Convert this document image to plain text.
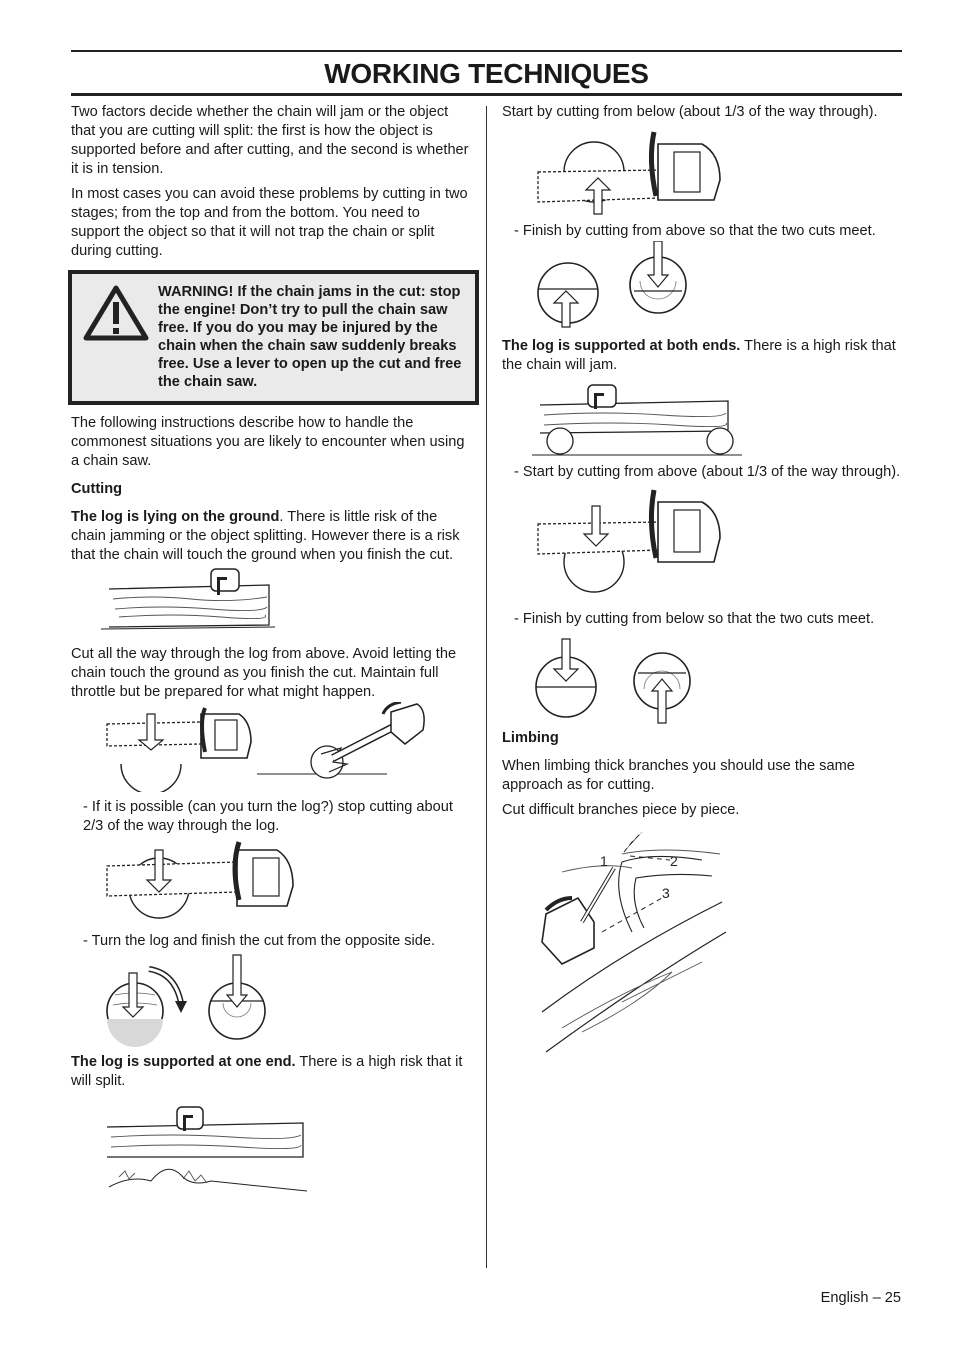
WORKING TECHNIQUES

Two factors decide whether the chain will jam or the object that you are cutting will split: the first is how the object is supported before and after cutting, and the second is whether it is in tension.

In most cases you can avoid these problems by cutting in two stages; from the top and from the bottom. You need to support the object so that it will not trap the chain or split during cutting.

WARNING! If the chain jams in the cut: stop the engine! Don’t try to pull the chain saw free. If you do you may be injured by the chain when the chain saw suddenly breaks free. Use a lever to open up the cut and free the chain saw.

The following instructions describe how to handle the commonest situations you are likely to encounter when using a chain saw.

Cutting

The log is lying on the ground. There is little risk of the chain jamming or the object splitting. However there is a risk that the chain will touch the ground when you finish the cut.

Cut all the way through the log from above. Avoid letting the chain touch the ground as you finish the cut. Maintain full throttle but be prepared for what might happen.

- If it is possible (can you turn the log?) stop cutting about 2/3 of the way through the log.

- Turn the log and finish the cut from the opposite side.

The log is supported at one end. There is a high risk that it will split.

Start by cutting from below (about 1/3 of the way through).

- Finish by cutting from above so that the two cuts meet.

The log is supported at both ends. There is a high risk that the chain will jam.

- Start by cutting from above (about 1/3 of the way through).

- Finish by cutting from below so that the two cuts meet.

Limbing

When limbing thick branches you should use the same approach as for cutting.

Cut difficult branches piece by piece.

1	2
3
English – 25
